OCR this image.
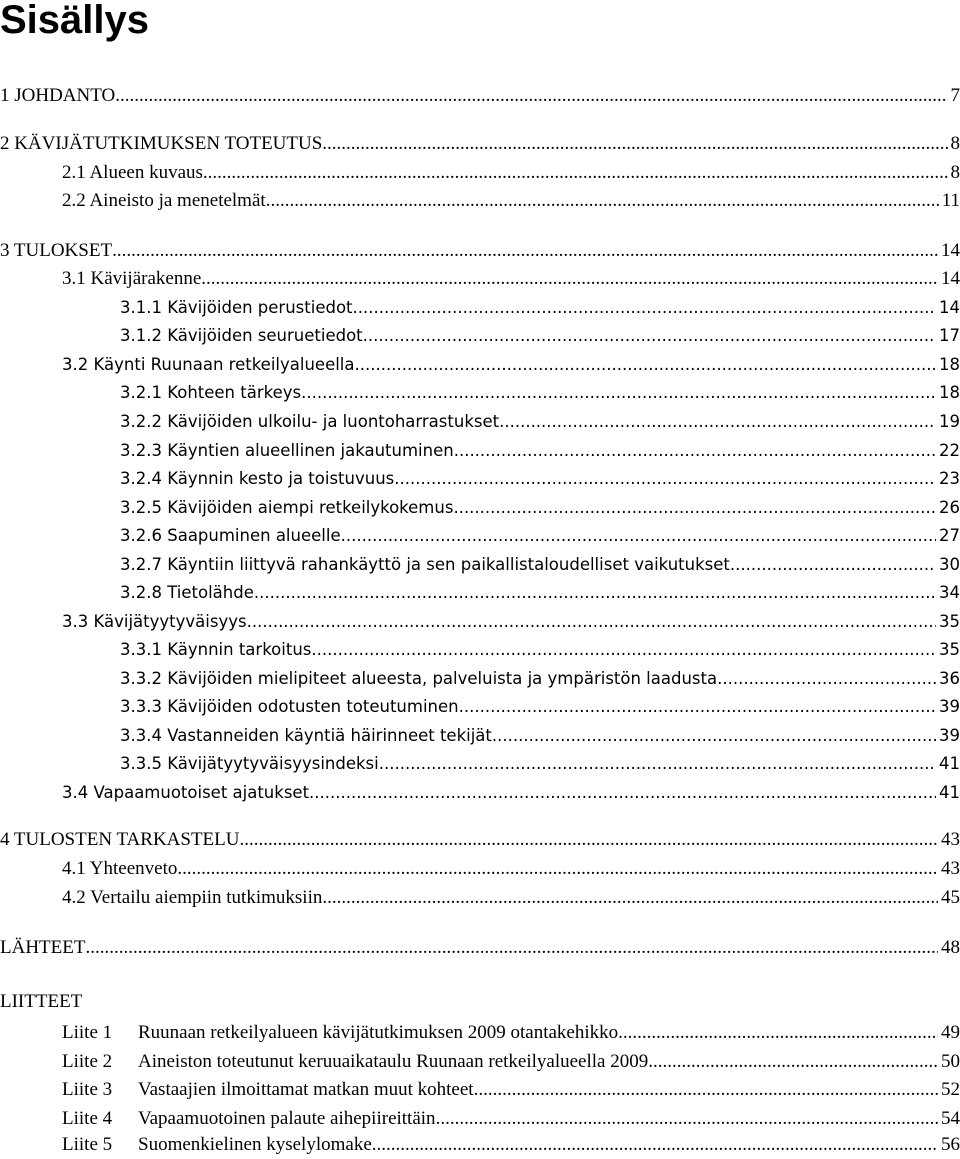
Sisällys
1 JOHDANTO .....	7
2 KÄVIJÄTUTKIMUKSEN TOTEUTUS .....	8
2.1 Alueen kuvaus .....	8
2.2 Aineisto ja menetelmät .....	11
3 TULOKSET .....	14
3.1 Kävijärakenne .....	14
3.1.1 Kävijöiden perustiedot .....	14
3.1.2 Kävijöiden seuruetiedot .....	17
3.2 Käynti Ruunaan retkeilyalueella .....	18
3.2.1 Kohteen tärkeys .....	18
3.2.2 Kävijöiden ulkoilu- ja luontoharrastukset .....	19
3.2.3 Käyntien alueellinen jakautuminen .....	22
3.2.4 Käynnin kesto ja toistuvuus .....	23
3.2.5 Kävijöiden aiempi retkeilykokemus .....	26
3.2.6 Saapuminen alueelle .....	27
3.2.7 Käyntiin liittyvä rahankäyttö ja sen paikallistaloudelliset vaikutukset .....	30
3.2.8 Tietolähde .....	34
3.3 Kävijätyytyväisyys .....	35
3.3.1 Käynnin tarkoitus .....	35
3.3.2 Kävijöiden mielipiteet alueesta, palveluista ja ympäristön laadusta .....	36
3.3.3 Kävijöiden odotusten toteutuminen .....	39
3.3.4 Vastanneiden käyntiä häirinneet tekijät .....	39
3.3.5 Kävijätyytyväisyysindeksi .....	41
3.4 Vapaamuotoiset ajatukset .....	41
4 TULOSTEN TARKASTELU .....	43
4.1 Yhteenveto .....	43
4.2 Vertailu aiempiin tutkimuksiin .....	45
LÄHTEET .....	48
LIITTEET
Liite 1 Ruunaan retkeilyalueen kävijätutkimuksen 2009 otantakehikko .....	49
Liite 2 Aineiston toteutunut keruuaikataulu Ruunaan retkeilyalueella 2009 .....	50
Liite 3 Vastaajien ilmoittamat matkan muut kohteet .....	52
Liite 4 Vapaamuotoinen palaute aihepiireittäin .....	54
Liite 5 Suomenkielinen kyselylomake .....	56
